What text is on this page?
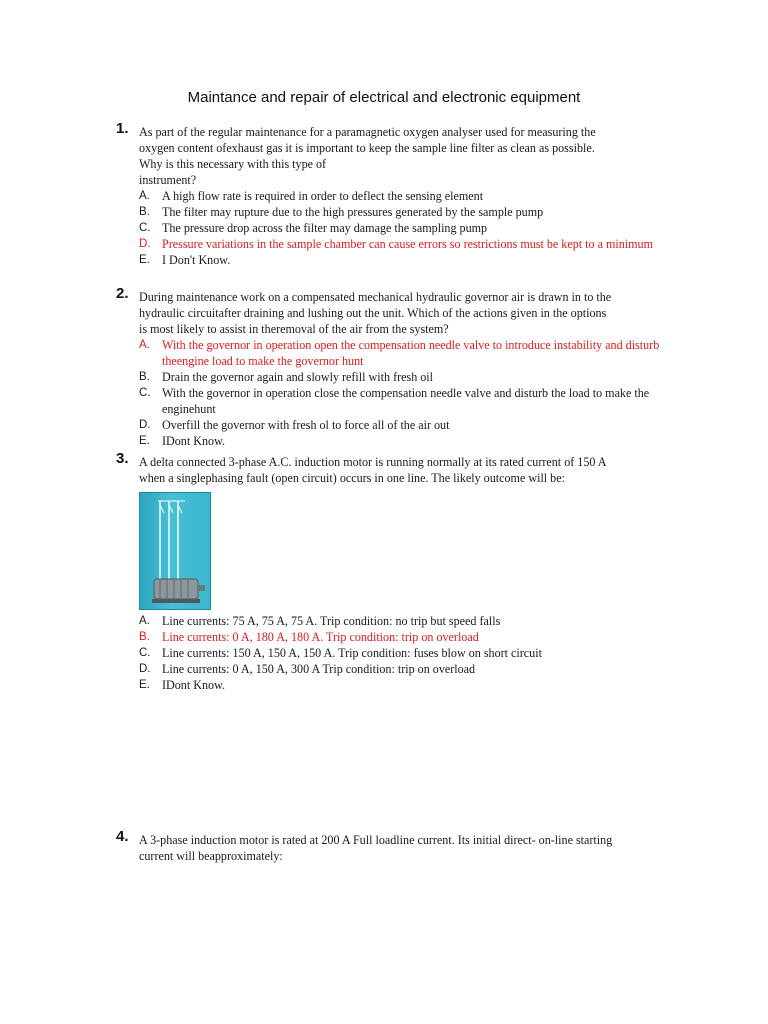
Maintance and repair of electrical and electronic equipment
1. As part of the regular maintenance for a paramagnetic oxygen analyser used for measuring the
oxygen content ofexhaust gas it is important to keep the sample line filter as clean as possible.
Why is this necessary with this type of
instrument?
A. A high flow rate is required in order to deflect the sensing element
B. The filter may rupture due to the high pressures generated by the sample pump
C. The pressure drop across the filter may damage the sampling pump
D. Pressure variations in the sample chamber can cause errors so restrictions must be kept to a minimum
E. I Don't Know.
2. During maintenance work on a compensated mechanical hydraulic governor air is drawn in to the
hydraulic circuitafter draining and lushing out the unit. Which of the actions given in the options
is most likely to assist in theremoval of the air from the system?
A. With the governor in operation open the compensation needle valve to introduce instability and disturb theengine load to make the governor hunt
B. Drain the governor again and slowly refill with fresh oil
C. With the governor in operation close the compensation needle valve and disturb the load to make the enginehunt
D. Overfill the governor with fresh ol to force all of the air out
E. IDont Know.
3. A delta connected 3-phase A.C. induction motor is running normally at its rated current of 150 A
when a singlephasing fault (open circuit) occurs in one line. The likely outcome will be:
A. Line currents: 75 A, 75 A, 75 A. Trip condition: no trip but speed falls
B. Line currents: 0 A, 180 A, 180 A. Trip condition: trip on overload
C. Line currents: 150 A, 150 A, 150 A. Trip condition: fuses blow on short circuit
D. Line currents: 0 A, 150 A, 300 A Trip condition: trip on overload
E. IDont Know.
4. A 3-phase induction motor is rated at 200 A Full loadline current. Its initial direct- on-line starting
current will beapproximately:
